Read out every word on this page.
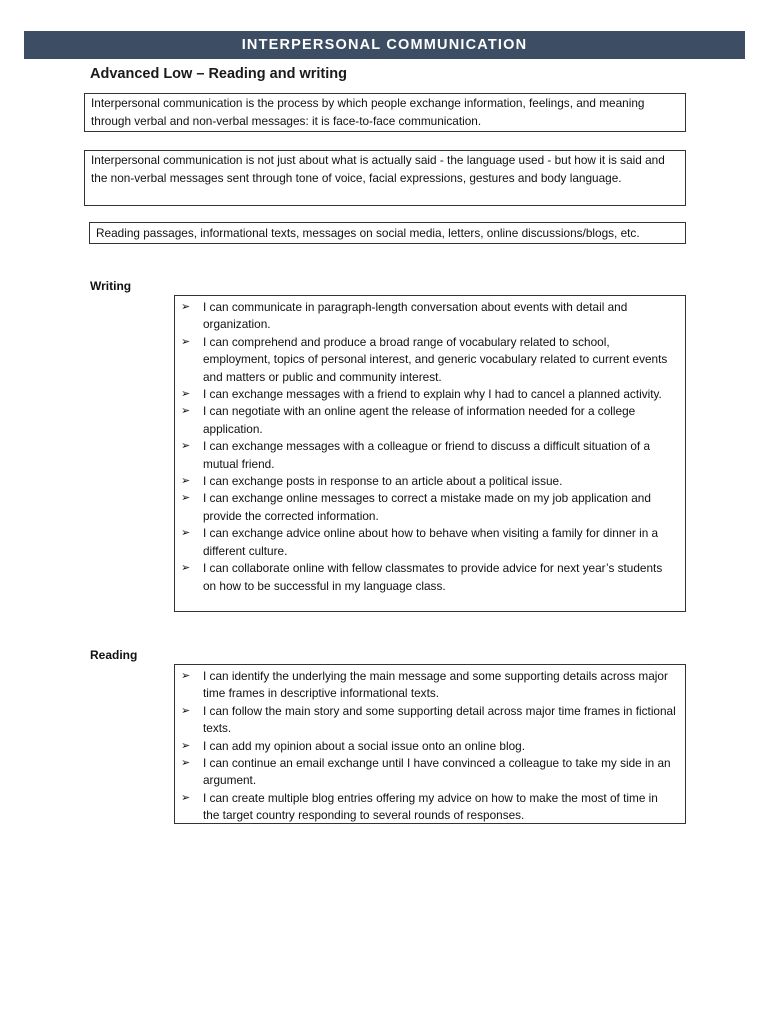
INTERPERSONAL COMMUNICATION
Advanced Low – Reading and writing
Interpersonal communication is the process by which people exchange information, feelings, and meaning through verbal and non-verbal messages: it is face-to-face communication.
Interpersonal communication is not just about what is actually said - the language used - but how it is said and the non-verbal messages sent through tone of voice, facial expressions, gestures and body language.
Reading passages, informational texts, messages on social media, letters, online discussions/blogs, etc.
Writing
➢	I can communicate in paragraph-length conversation about events with detail and organization.
➢	I can comprehend and produce a broad range of vocabulary related to school, employment, topics of personal interest, and generic vocabulary related to current events and matters or public and community interest.
➢	I can exchange messages with a friend to explain why I had to cancel a planned activity.
➢	I can negotiate with an online agent the release of information needed for a college application.
➢	I can exchange messages with a colleague or friend to discuss a difficult situation of a mutual friend.
➢	I can exchange posts in response to an article about a political issue.
➢	I can exchange online messages to correct a mistake made on my job application and provide the corrected information.
➢	I can exchange advice online about how to behave when visiting a family for dinner in a different culture.
➢	I can collaborate online with fellow classmates to provide advice for next year’s students on how to be successful in my language class.
Reading
➢	I can identify the underlying the main message and some supporting details across major time frames in descriptive informational texts.
➢	I can follow the main story and some supporting detail across major time frames in fictional texts.
➢	I can add my opinion about a social issue onto an online blog.
➢	I can continue an email exchange until I have convinced a colleague to take my side in an argument.
➢	I can create multiple blog entries offering my advice on how to make the most of time in the target country responding to several rounds of responses.
